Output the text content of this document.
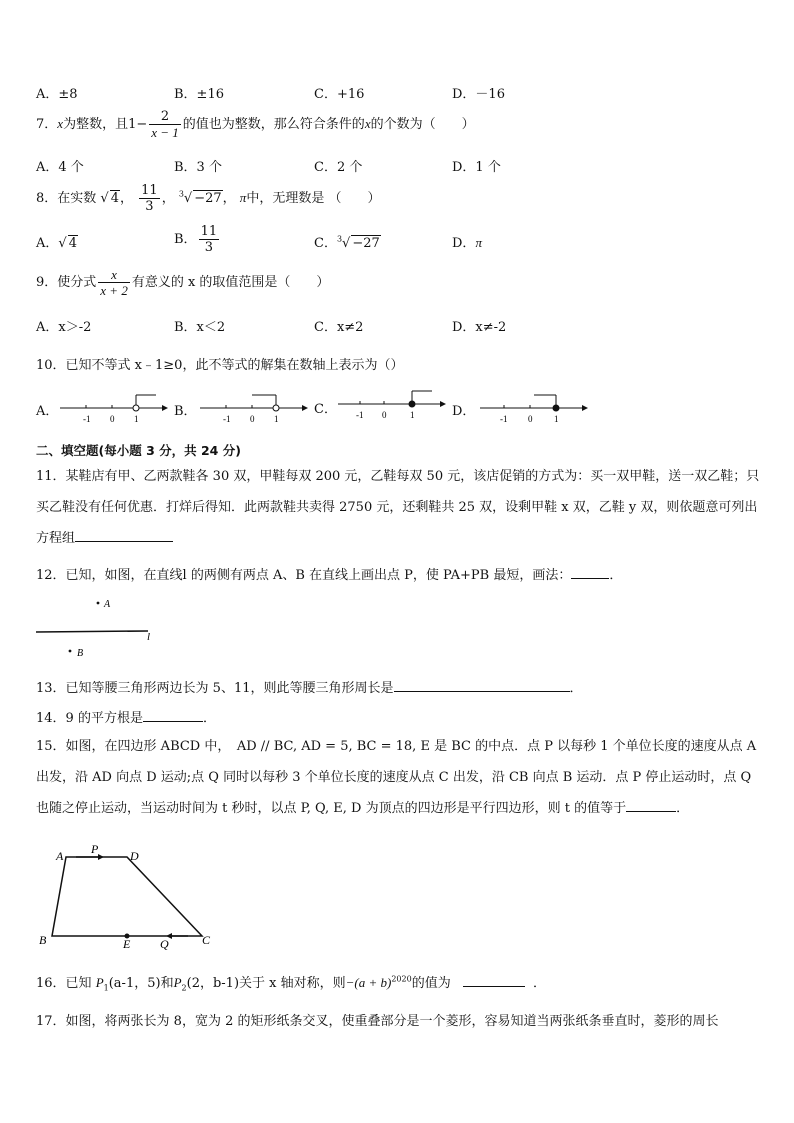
A．±8	B．±16	C．+16	D．－16
7．x为整数，且$1- \frac{2}{x - 1}$ 的值也为整数，那么符合条件的x的个数为（　　）
A．4 个	B．3 个	C．2 个	D．1 个
8．在实数 √ 4， $\frac{11}{3}$ ， $^3$√ −27， π中，无理数是 （　　）
A．√ 4	B． $\frac{11}{3}$	C．$^3$√ −27	D．π
9．使分式 $\frac{x}{x + 2}$ 有意义的 x 的取值范围是（　　）
A．x＞-2	B．x＜2	C．x≠2	D．x≠-2
10．已知不等式 x﹣1≥0，此不等式的解集在数轴上表示为（）
A．	-1 0 1	B．	-1 0 1
C． -1 0	1	D．	-1 0 1
二、填空题(每小题 3 分，共 24 分)
11．某鞋店有甲、乙两款鞋各 30 双，甲鞋每双 200 元，乙鞋每双 50 元，该店促销的方式为：买一双甲鞋，送一双乙鞋；只买乙鞋没有任何优惠．打烊后得知．此两款鞋共卖得 2750 元，还剩鞋共 25 双，设剩甲鞋 x 双，乙鞋 y 双，则依题意可列出方程组
12．已知，如图，在直线l 的两侧有两点 A、B 在直线上画出点 P，使 PA+PB 最短，画法：	．
A
l
B
13．已知等腰三角形两边长为 5、11，则此等腰三角形周长是	．
14．9 的平方根是	．
15．如图，在四边形 ABCD 中，　AD // BC, AD = 5, BC = 18, E 是 BC 的中点．点 P 以每秒 1 个单位长度的速度从点 A 出发，沿 AD 向点 D 运动;点 Q 同时以每秒 3 个单位长度的速度从点 C 出发，沿 CB 向点 B 运动．点 P 停止运动时，点 Q 也随之停止运动，当运动时间为 t 秒时，以点 P, Q, E, D 为顶点的四边形是平行四边形，则 t 的值等于	．
A P	D
B	E Q	C
16．已知 $P_1(a-1$，5)和$P_2(2$，b-1)关于 x 轴对称，则$-(a + b)^{2020}$的值为	．
17．如图，将两张长为 8，宽为 2 的矩形纸条交叉，使重叠部分是一个菱形，容易知道当两张纸条垂直时，菱形的周长
